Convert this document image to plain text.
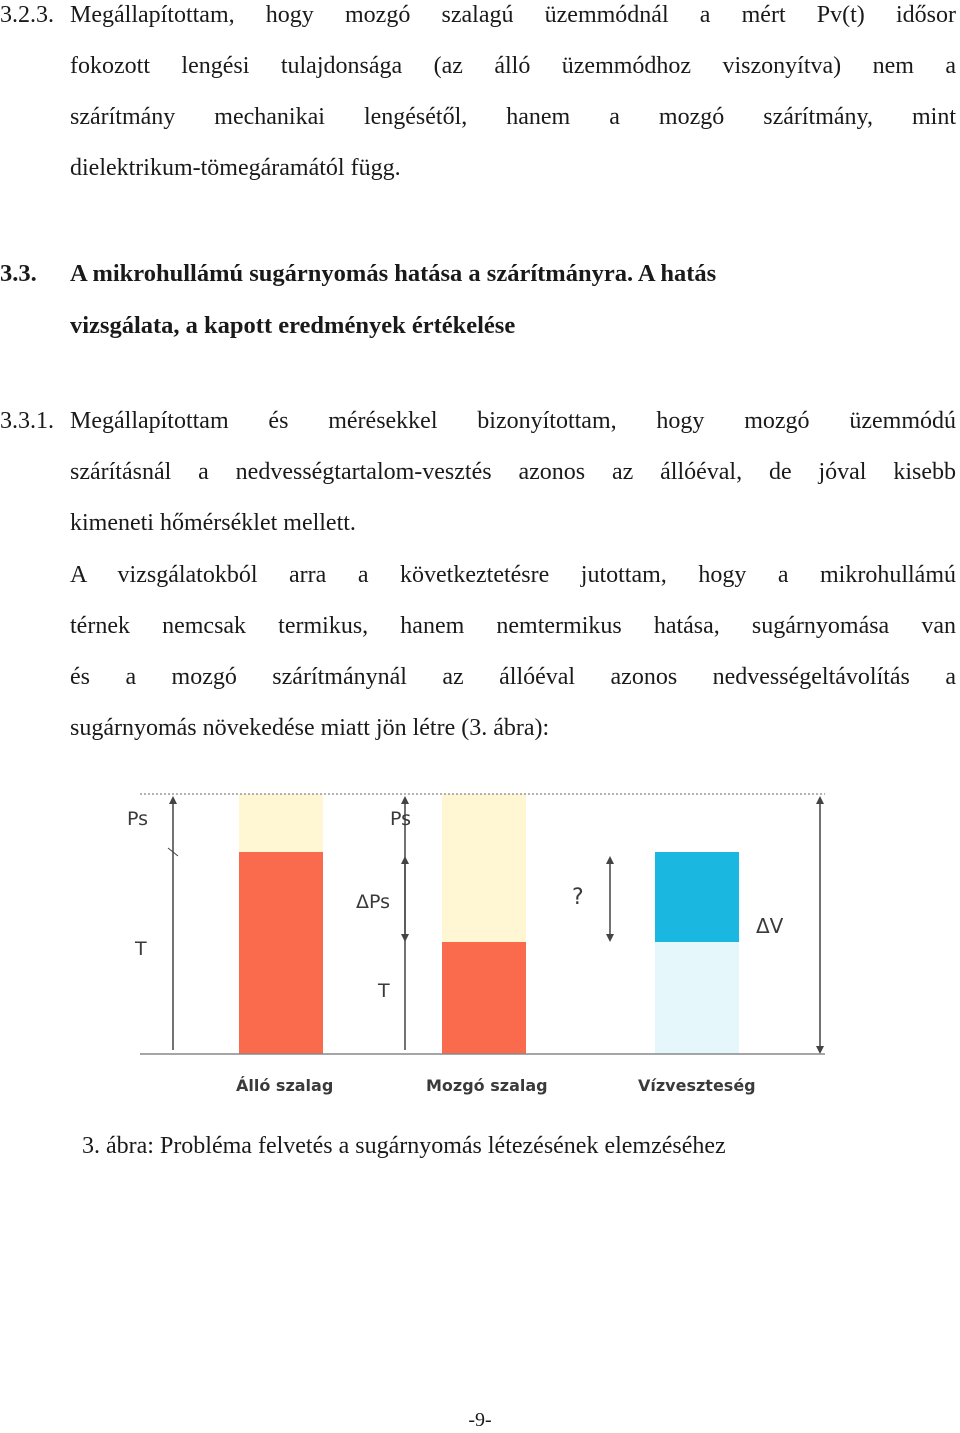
3.2.3. Megállapítottam, hogy mozgó szalagú üzemmódnál a mért Pv(t) idősor
fokozott lengési tulajdonsága (az álló üzemmódhoz viszonyítva) nem a
szárítmány mechanikai lengésétől, hanem a mozgó szárítmány, mint
dielektrikum-tömegáramától függ.
3.3. A mikrohullámú sugárnyomás hatása a szárítmányra. A hatás
vizsgálata, a kapott eredmények értékelése
3.3.1. Megállapítottam és mérésekkel bizonyítottam, hogy mozgó üzemmódú
szárításnál a nedvességtartalom-vesztés azonos az állóéval, de jóval kisebb
kimeneti hőmérséklet mellett.
A vizsgálatokból arra a következtetésre jutottam, hogy a mikrohullámú
térnek nemcsak termikus, hanem nemtermikus hatása, sugárnyomása van
és a mozgó szárítmánynál az állóéval azonos nedvességeltávolítás a
sugárnyomás növekedése miatt jön létre (3. ábra):
Ps
T
Ps
ΔPs
T
?
ΔV
Álló szalag	Mozgó szalag	Vízveszteség
3. ábra: Probléma felvetés a sugárnyomás létezésének elemzéséhez
-9-
